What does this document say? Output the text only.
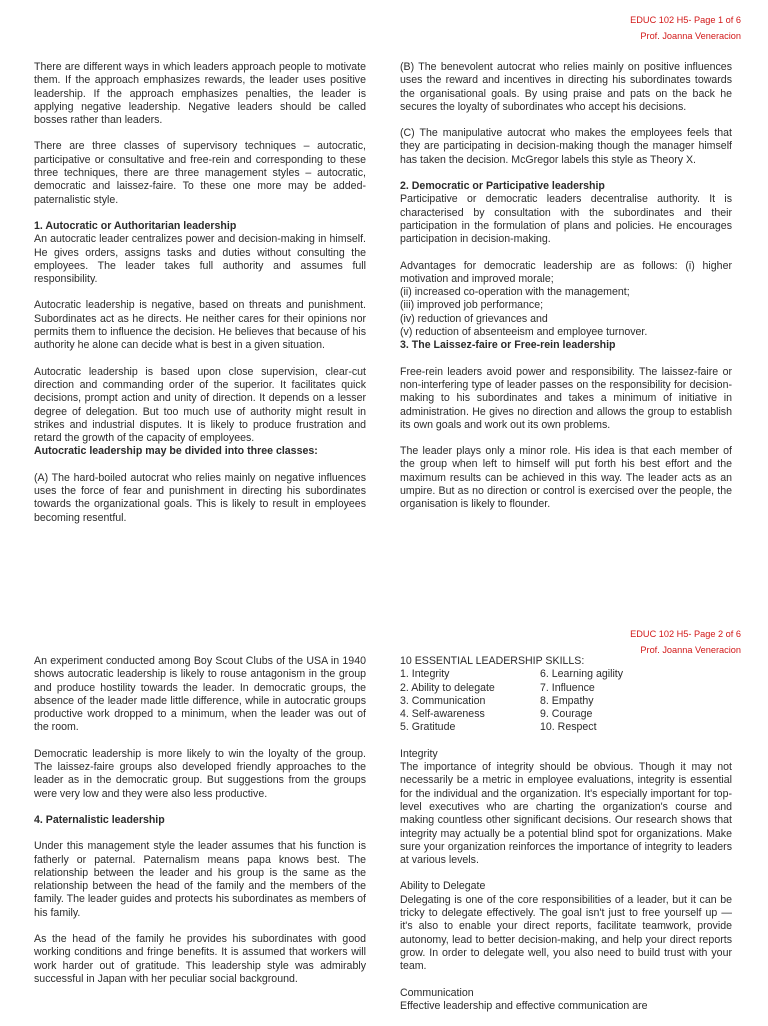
EDUC 102 H5- Page 1 of 6
Prof. Joanna Veneracion

There are different ways in which leaders approach people to motivate them. If the approach emphasizes rewards, the leader uses positive leadership. If the approach emphasizes penalties, the leader is applying negative leadership. Negative leaders should be called bosses rather than leaders.

There are three classes of supervisory techniques – autocratic, participative or consultative and free-rein and corresponding to these three techniques, there are three management styles – autocratic, democratic and laissez-faire. To these one more may be added-paternalistic style.

1. Autocratic or Authoritarian leadership

An autocratic leader centralizes power and decision-making in himself. He gives orders, assigns tasks and duties without consulting the employees. The leader takes full authority and assumes full responsibility.

Autocratic leadership is negative, based on threats and punishment. Subordinates act as he directs. He neither cares for their opinions nor permits them to influence the decision. He believes that because of his authority he alone can decide what is best in a given situation.

Autocratic leadership is based upon close supervision, clear-cut direction and commanding order of the superior. It facilitates quick decisions, prompt action and unity of direction. It depends on a lesser degree of delegation. But too much use of authority might result in strikes and industrial disputes. It is likely to produce frustration and retard the growth of the capacity of employees.

Autocratic leadership may be divided into three classes:

(A) The hard-boiled autocrat who relies mainly on negative influences uses the force of fear and punishment in directing his subordinates towards the organizational goals. This is likely to result in employees becoming resentful.

(B) The benevolent autocrat who relies mainly on positive influences uses the reward and incentives in directing his subordinates towards the organisational goals. By using praise and pats on the back he secures the loyalty of subordinates who accept his decisions.

(C) The manipulative autocrat who makes the employees feels that they are participating in decision-making though the manager himself has taken the decision. McGregor labels this style as Theory X.

2. Democratic or Participative leadership

Participative or democratic leaders decentralise authority. It is characterised by consultation with the subordinates and their participation in the formulation of plans and policies. He encourages participation in decision-making.

Advantages for democratic leadership are as follows: (i) higher motivation and improved morale;

(ii) increased co-operation with the management;

(iii) improved job performance;

(iv) reduction of grievances and

(v) reduction of absenteeism and employee turnover.

3. The Laissez-faire or Free-rein leadership

Free-rein leaders avoid power and responsibility. The laissez-faire or non-interfering type of leader passes on the responsibility for decision-making to his subordinates and takes a minimum of initiative in administration. He gives no direction and allows the group to establish its own goals and work out its own problems.

The leader plays only a minor role. His idea is that each member of the group when left to himself will put forth his best effort and the maximum results can be achieved in this way. The leader acts as an umpire. But as no direction or control is exercised over the people, the organisation is likely to flounder.

EDUC 102 H5- Page 2 of 6
Prof. Joanna Veneracion

An experiment conducted among Boy Scout Clubs of the USA in 1940 shows autocratic leadership is likely to rouse antagonism in the group and produce hostility towards the leader. In democratic groups, the absence of the leader made little difference, while in autocratic groups productive work dropped to a minimum, when the leader was out of the room.

Democratic leadership is more likely to win the loyalty of the group. The laissez-faire groups also developed friendly approaches to the leader as in the democratic group. But suggestions from the groups were very low and they were also less productive.

4. Paternalistic leadership

Under this management style the leader assumes that his function is fatherly or paternal. Paternalism means papa knows best. The relationship between the leader and his group is the same as the relationship between the head of the family and the members of the family. The leader guides and protects his subordinates as members of his family.

As the head of the family he provides his subordinates with good working conditions and fringe benefits. It is assumed that workers will work harder out of gratitude. This leadership style was admirably successful in Japan with her peculiar social background.

10 ESSENTIAL LEADERSHIP SKILLS:

1. Integrity	6. Learning agility
2. Ability to delegate	7. Influence
3. Communication	8. Empathy
4. Self-awareness	9. Courage
5. Gratitude	10. Respect

Integrity

The importance of integrity should be obvious. Though it may not necessarily be a metric in employee evaluations, integrity is essential for the individual and the organization. It's especially important for top-level executives who are charting the organization's course and making countless other significant decisions. Our research shows that integrity may actually be a potential blind spot for organizations. Make sure your organization reinforces the importance of integrity to leaders at various levels.

Ability to Delegate

Delegating is one of the core responsibilities of a leader, but it can be tricky to delegate effectively. The goal isn't just to free yourself up — it's also to enable your direct reports, facilitate teamwork, provide autonomy, lead to better decision-making, and help your direct reports grow. In order to delegate well, you also need to build trust with your team.

Communication

Effective leadership and effective communication are
